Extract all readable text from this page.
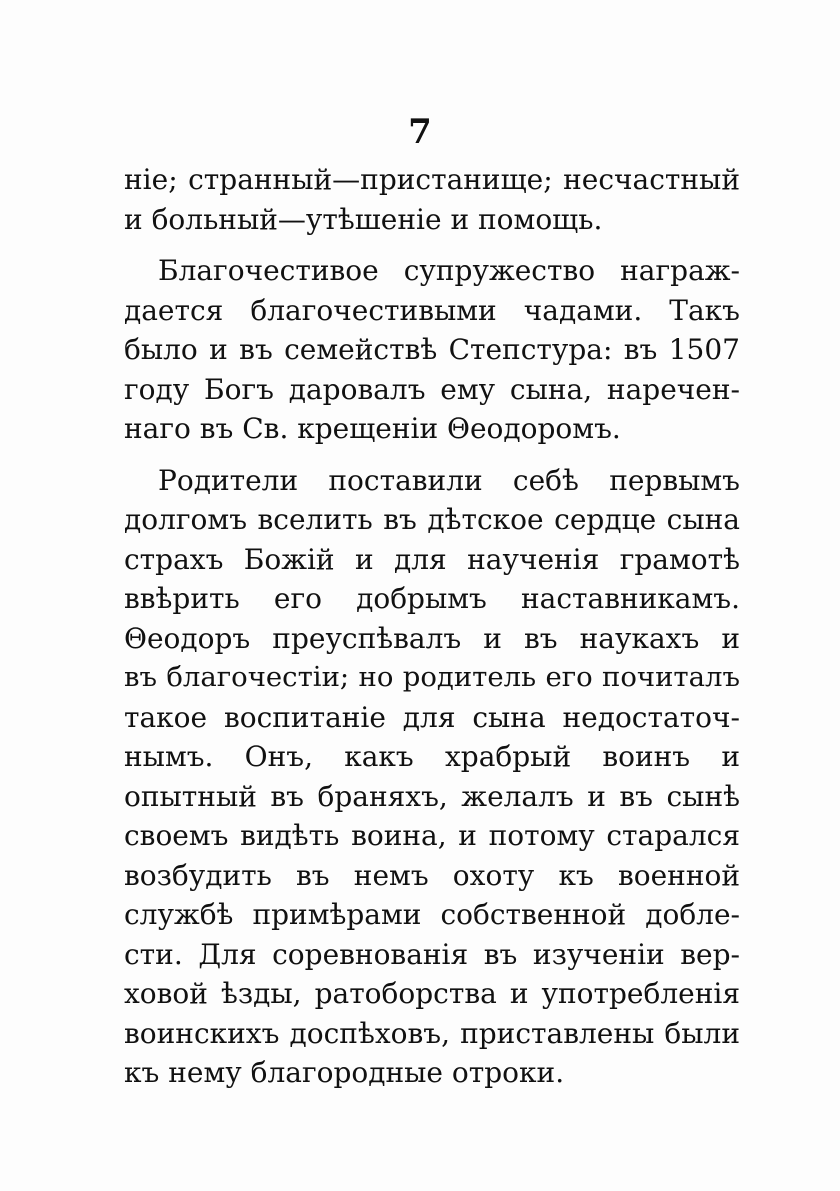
7
ніе; странный—пристанище; несчастный
и больный—утѣшеніе и помощь.
Благочестивое супружество награж-
дается благочестивыми чадами. Такъ
было и въ семействѣ Степстура: въ 1507
году Богъ даровалъ ему сына, наречен-
наго въ Св. крещеніи Θеодоромъ.
Родители поставили себѣ первымъ
долгомъ вселить въ дѣтское сердце сына
страхъ Божій и для наученія грамотѣ
ввѣрить его добрымъ наставникамъ.
Θеодоръ преуспѣвалъ и въ наукахъ и
въ благочестіи; но родитель его почиталъ
такое воспитаніе для сына недостаточ-
нымъ. Онъ, какъ храбрый воинъ и
опытный въ браняхъ, желалъ и въ сынѣ
своемъ видѣть воина, и потому старался
возбудить въ немъ охоту къ военной
службѣ примѣрами собственной добле-
сти. Для соревнованія въ изученіи вер-
ховой ѣзды, ратоборства и употребленія
воинскихъ доспѣховъ, приставлены были
къ нему благородные отроки.
